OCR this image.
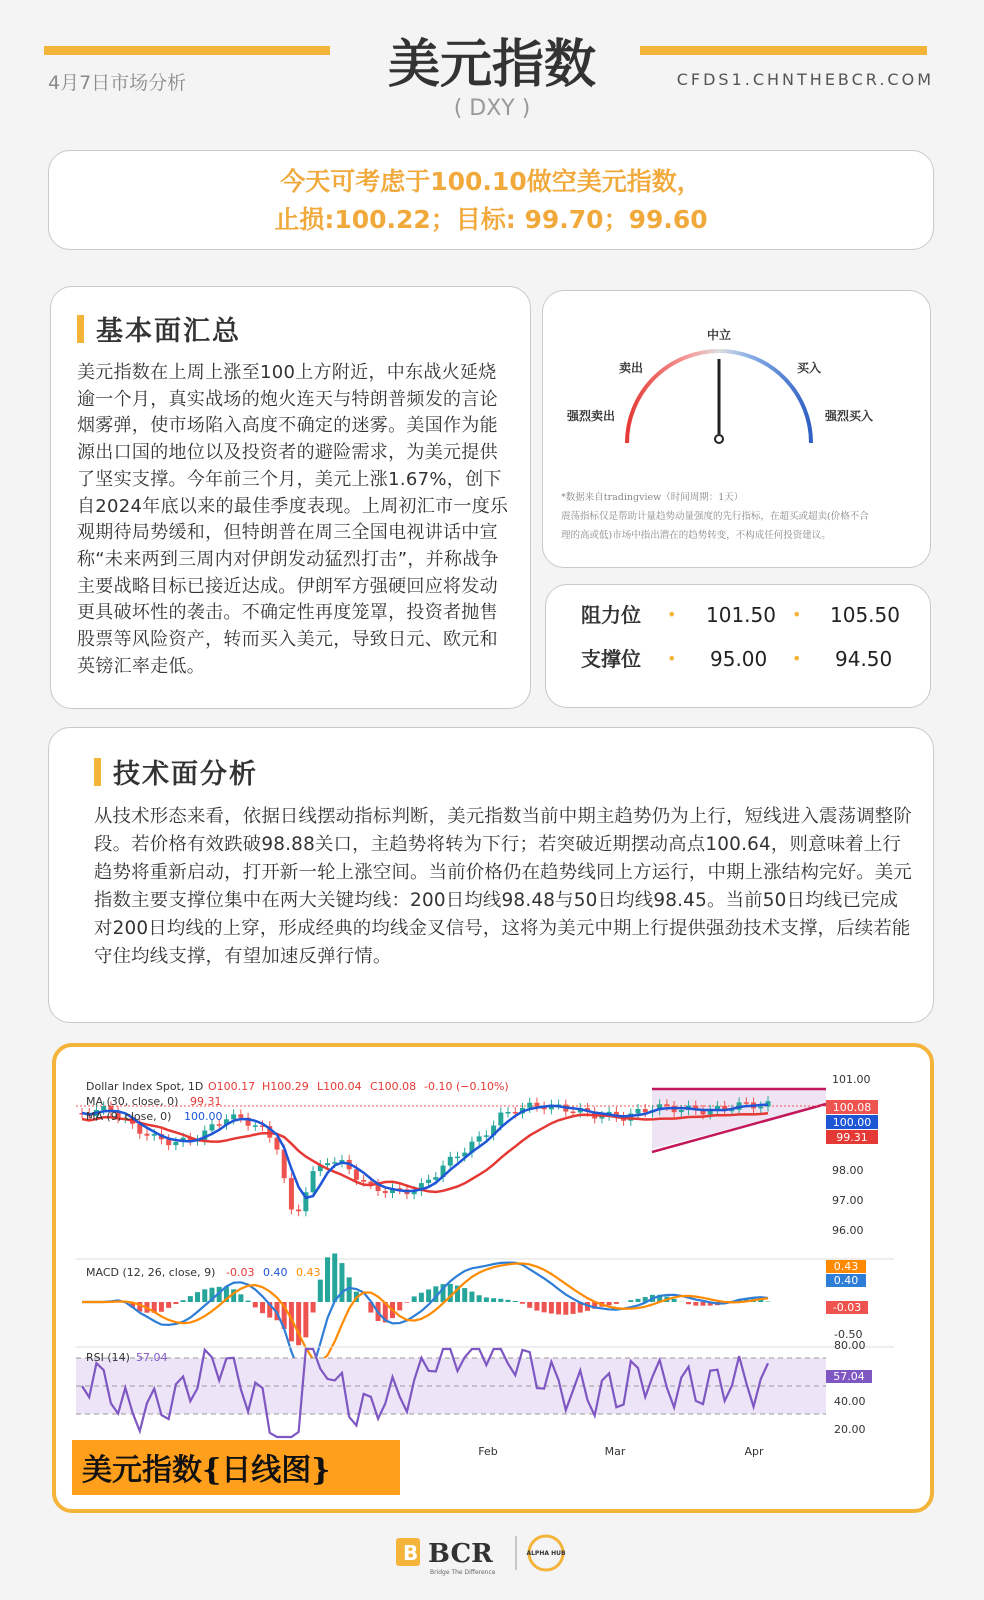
4月7日市场分析	美元指数
( DXY )
CFDS1.CHNTHEBCR.COM
今天可考虑于100.10做空美元指数，
止损:100.22；目标: 99.70；99.60
基本面汇总
美元指数在上周上涨至100上方附近，中东战火延烧逾一个月，真实战场的炮火连天与特朗普频发的言论烟雾弹，使市场陷入高度不确定的迷雾。美国作为能源出口国的地位以及投资者的避险需求，为美元提供了坚实支撑。今年前三个月，美元上涨1.67%，创下自2024年底以来的最佳季度表现。上周初汇市一度乐观期待局势缓和，但特朗普在周三全国电视讲话中宣称“未来两到三周内对伊朗发动猛烈打击”，并称战争主要战略目标已接近达成。伊朗军方强硬回应将发动更具破坏性的袭击。不确定性再度笼罩，投资者抛售股票等风险资产，转而买入美元，导致日元、欧元和英镑汇率走低。
中立
卖出	买入
强烈卖出	强烈买入
*数据来自tradingview（时间周期：1天）
震荡指标仅是帮助计量趋势动量强度的先行指标，在超买或超卖(价格不合
理的高或低)市场中指出潜在的趋势转变，不构成任何投资建议。
阻力位 • 101.50 • 105.50
支撑位 • 95.00 • 94.50
技术面分析
从技术形态来看，依据日线摆动指标判断，美元指数当前中期主趋势仍为上行，短线进入震荡调整阶段。若价格有效跌破98.88关口，主趋势将转为下行；若突破近期摆动高点100.64，则意味着上行趋势将重新启动，打开新一轮上涨空间。当前价格仍在趋势线同上方运行，中期上涨结构完好。美元指数主要支撑位集中在两大关键均线：200日均线98.48与50日均线98.45。当前50日均线已完成对200日均线的上穿，形成经典的均线金叉信号，这将为美元中期上行提供强劲技术支撑，后续若能守住均线支撑，有望加速反弹行情。
Dollar Index Spot, 1D O100.17 H100.29 L100.04 C100.08 -0.10 (−0.10%)
MA (30, close, 0) 99.31
MA (9, close, 0) 100.00
101.00
98.00
97.00
96.00
100.08
100.00
99.31
MACD (12, 26, close, 9) -0.03 0.40 0.43	0.43
0.40
-0.03
-0.50
RSI (14) 57.04
80.00
57.04
40.00
20.00
Feb	Mar	Apr
美元指数{日线图}
B BCR
Bridge The Difference
ALPHA HUB
